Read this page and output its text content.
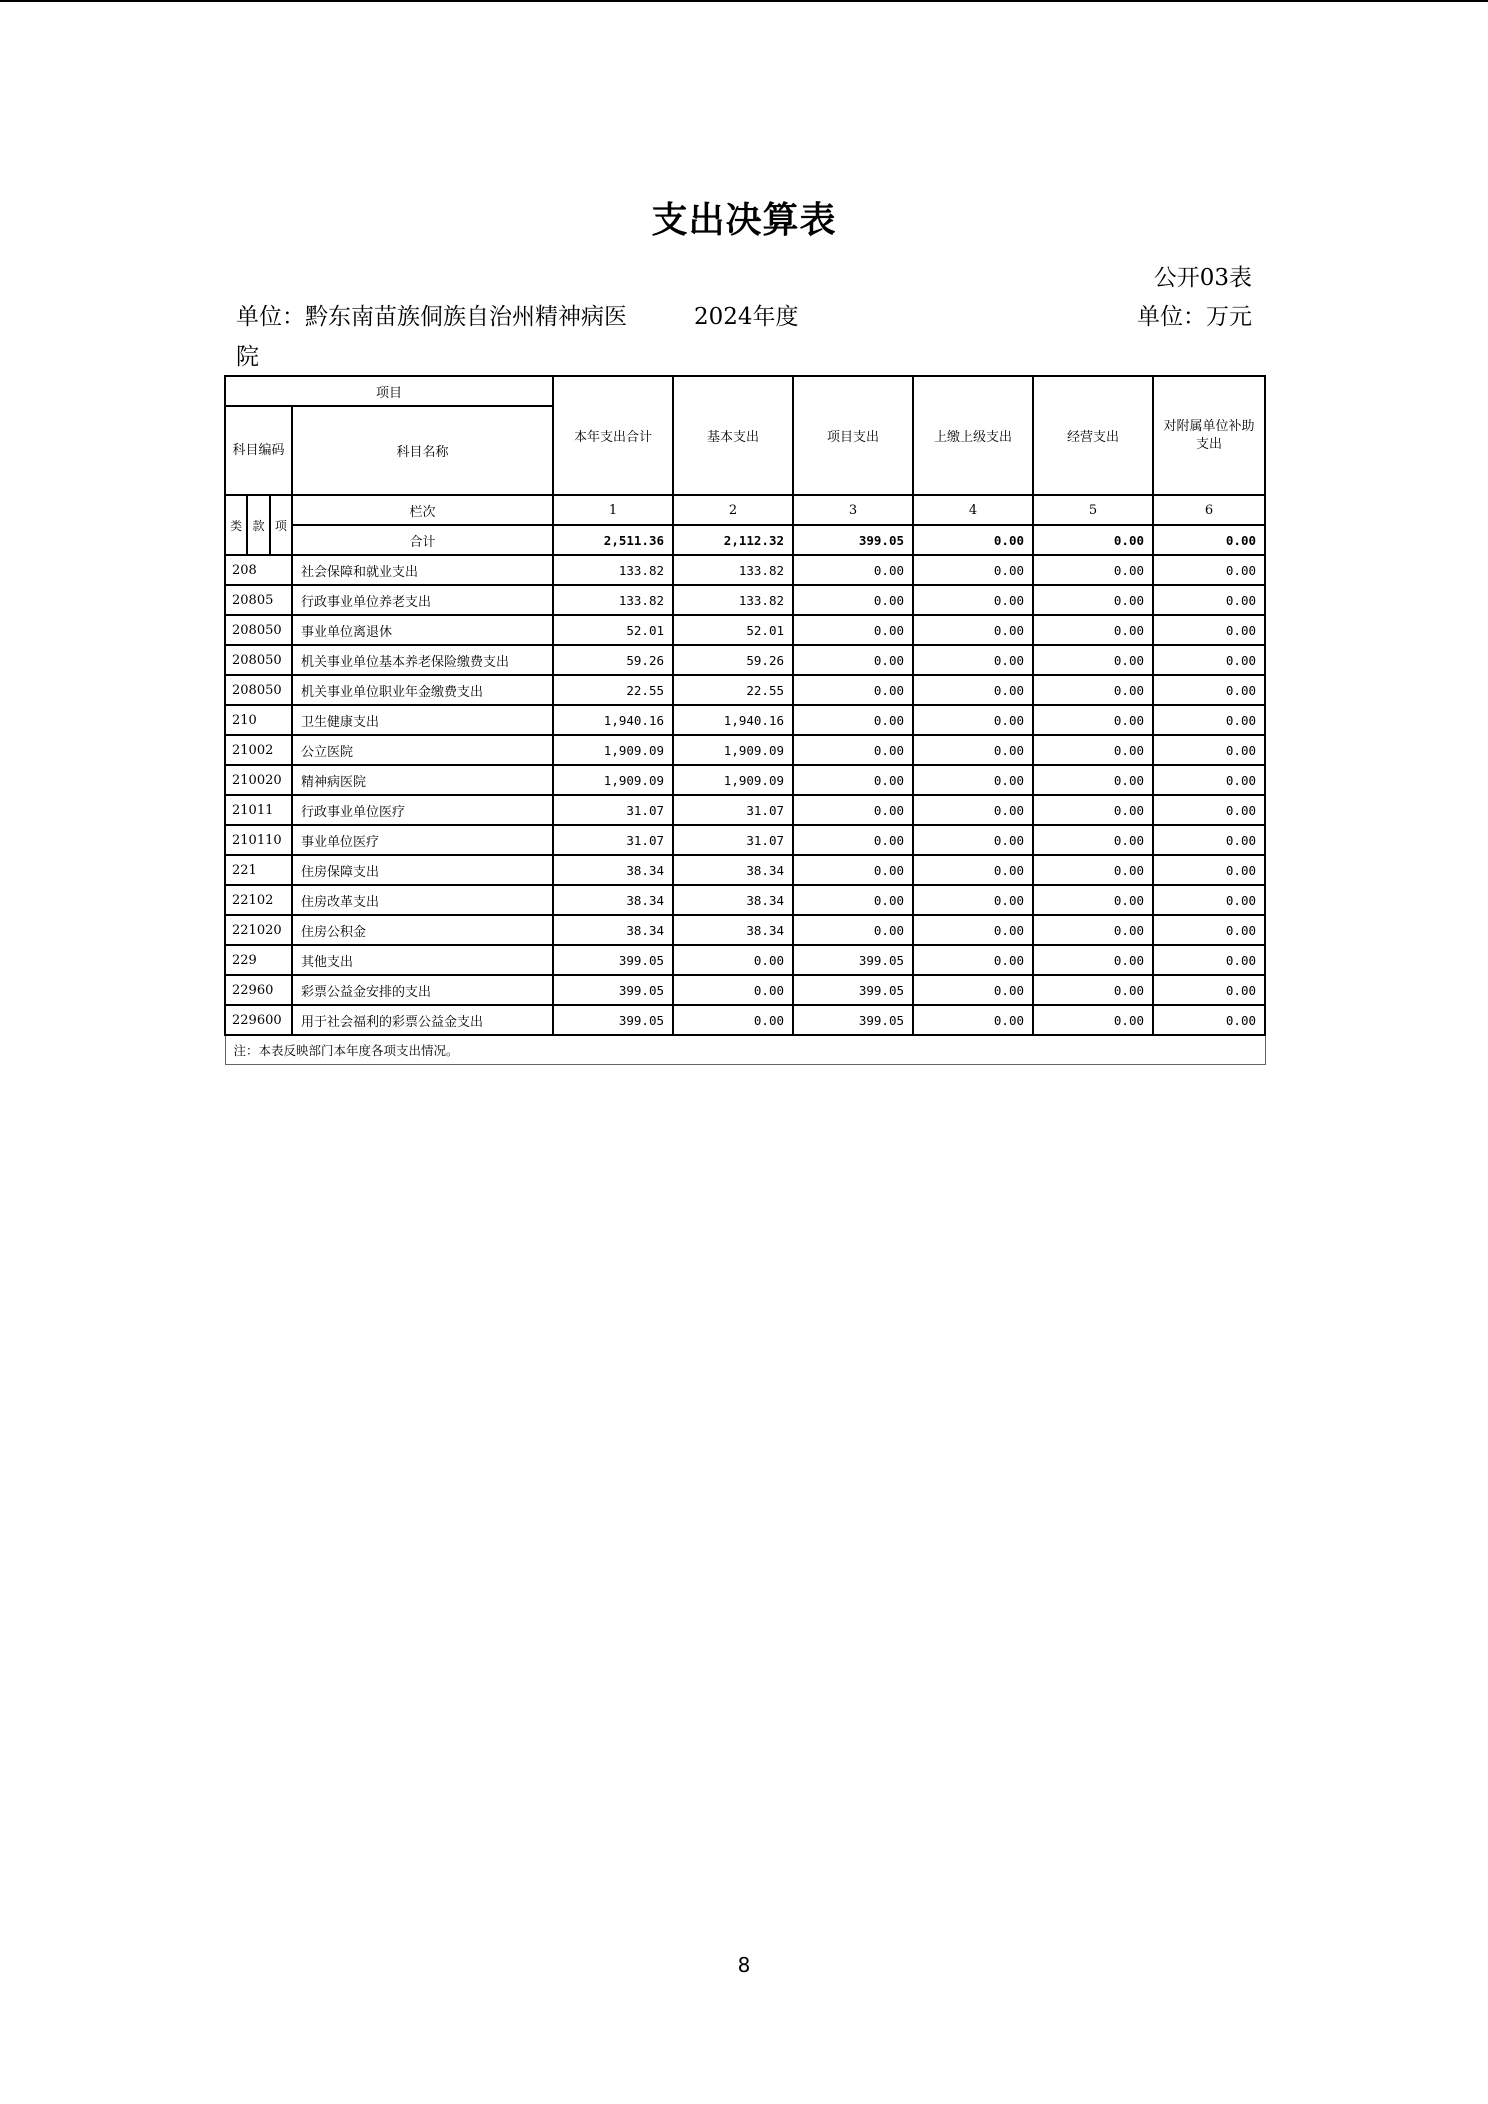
支出决算表
公开03表
单位：黔东南苗族侗族自治州精神病医院
2024年度	单位：万元
项目		本年支出合计	基本支出	项目支出	上缴上级支出	经营支出	对附属单位补助支出
科目编码	科目名称						

类 款 项	栏次	1	2	3	4	5	6
	合计	2,511.36	2,112.32	399.05	0.00	0.00	0.00
208	社会保障和就业支出	133.82	133.82	0.00	0.00	0.00	0.00
20805	行政事业单位养老支出	133.82	133.82	0.00	0.00	0.00	0.00
208050	事业单位离退休	52.01	52.01	0.00	0.00	0.00	0.00
208050	机关事业单位基本养老保险缴费支出	59.26	59.26	0.00	0.00	0.00	0.00
208050	机关事业单位职业年金缴费支出	22.55	22.55	0.00	0.00	0.00	0.00
210	卫生健康支出	1,940.16	1,940.16	0.00	0.00	0.00	0.00
21002	公立医院	1,909.09	1,909.09	0.00	0.00	0.00	0.00
210020	精神病医院	1,909.09	1,909.09	0.00	0.00	0.00	0.00
21011	行政事业单位医疗	31.07	31.07	0.00	0.00	0.00	0.00
210110	事业单位医疗	31.07	31.07	0.00	0.00	0.00	0.00
221	住房保障支出	38.34	38.34	0.00	0.00	0.00	0.00
22102	住房改革支出	38.34	38.34	0.00	0.00	0.00	0.00
221020	住房公积金	38.34	38.34	0.00	0.00	0.00	0.00
229	其他支出	399.05	0.00	399.05	0.00	0.00	0.00
22960	彩票公益金安排的支出	399.05	0.00	399.05	0.00	0.00	0.00
229600	用于社会福利的彩票公益金支出	399.05	0.00	399.05	0.00	0.00	0.00
注：本表反映部门本年度各项支出情况。							
8
